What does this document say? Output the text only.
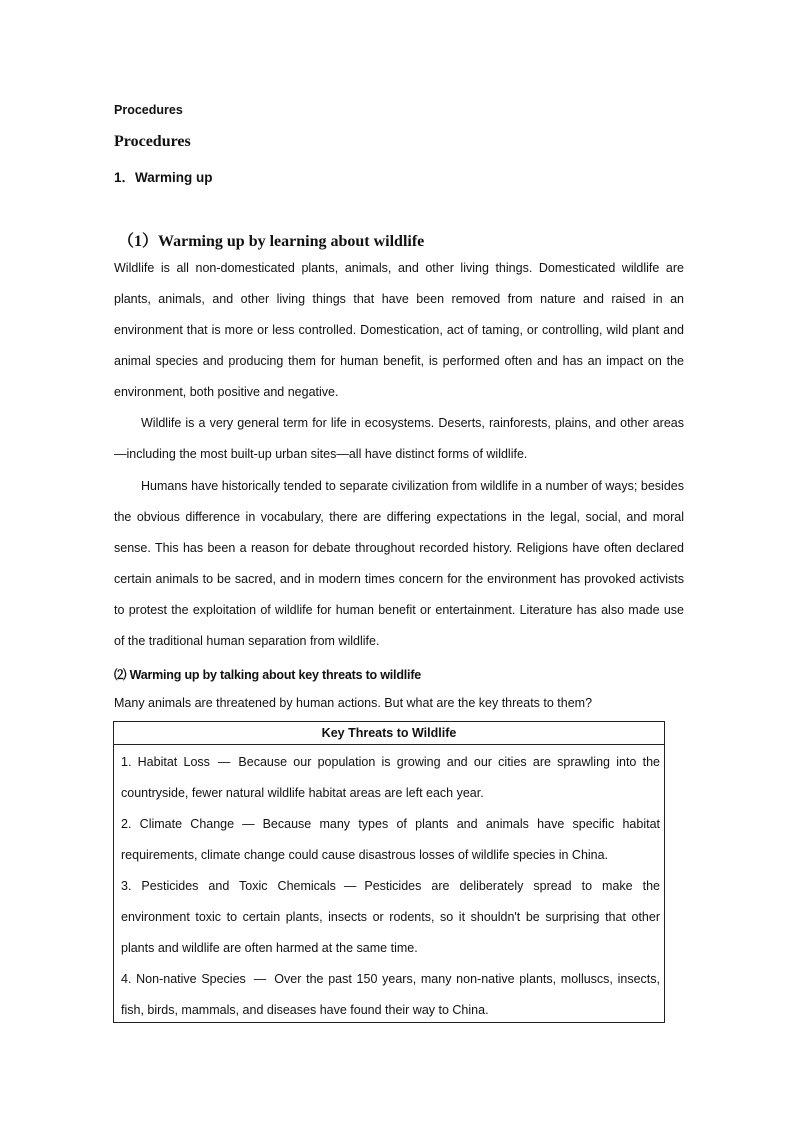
Procedures
Procedures
1．Warming up
（1）Warming up by learning about wildlife
Wildlife is all non-domesticated plants, animals, and other living things. Domesticated wildlife are plants, animals, and other living things that have been removed from nature and raised in an environment that is more or less controlled. Domestication, act of taming, or controlling, wild plant and animal species and producing them for human benefit, is performed often and has an impact on the environment, both positive and negative.
Wildlife is a very general term for life in ecosystems. Deserts, rainforests, plains, and other areas—including the most built-up urban sites—all have distinct forms of wildlife.
Humans have historically tended to separate civilization from wildlife in a number of ways; besides the obvious difference in vocabulary, there are differing expectations in the legal, social, and moral sense. This has been a reason for debate throughout recorded history. Religions have often declared certain animals to be sacred, and in modern times concern for the environment has provoked activists to protest the exploitation of wildlife for human benefit or entertainment. Literature has also made use of the traditional human separation from wildlife.
⑵ Warming up by talking about key threats to wildlife
Many animals are threatened by human actions. But what are the key threats to them?
Key Threats to Wildlife
1. Habitat Loss — Because our population is growing and our cities are sprawling into the countryside, fewer natural wildlife habitat areas are left each year.
2. Climate Change — Because many types of plants and animals have specific habitat requirements, climate change could cause disastrous losses of wildlife species in China.
3. Pesticides and Toxic Chemicals — Pesticides are deliberately spread to make the environment toxic to certain plants, insects or rodents, so it shouldn't be surprising that other plants and wildlife are often harmed at the same time.
4. Non-native Species — Over the past 150 years, many non-native plants, molluscs, insects, fish, birds, mammals, and diseases have found their way to China.
